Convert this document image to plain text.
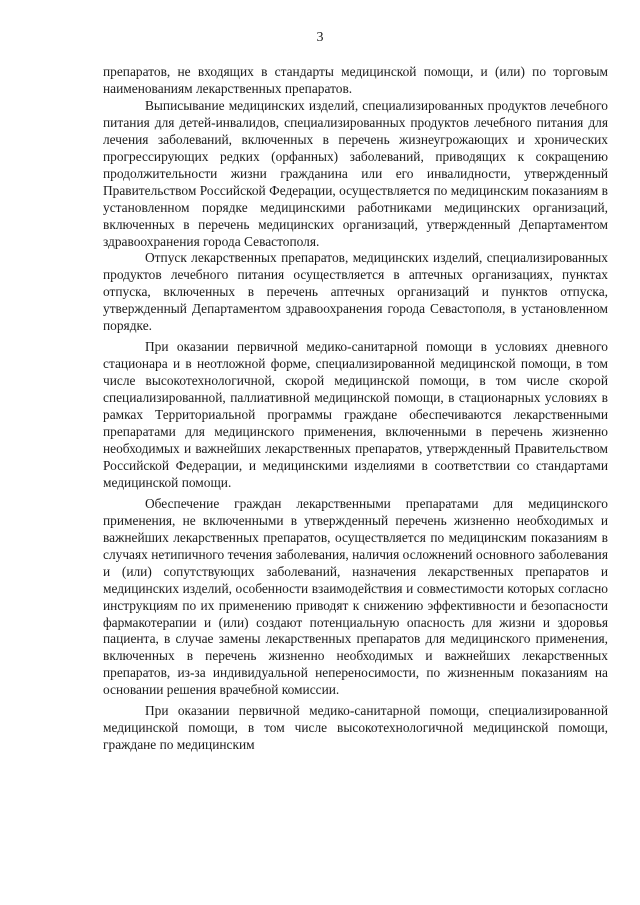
3

препаратов, не входящих в стандарты медицинской помощи, и (или) по торговым наименованиям лекарственных препаратов.

Выписывание медицинских изделий, специализированных продуктов лечебного питания для детей-инвалидов, специализированных продуктов лечебного питания для лечения заболеваний, включенных в перечень жизнеугрожающих и хронических прогрессирующих редких (орфанных) заболеваний, приводящих к сокращению продолжительности жизни гражданина или его инвалидности, утвержденный Правительством Российской Федерации, осуществляется по медицинским показаниям в установленном порядке медицинскими работниками медицинских организаций, включенных в перечень медицинских организаций, утвержденный Департаментом здравоохранения города Севастополя.

Отпуск лекарственных препаратов, медицинских изделий, специализированных продуктов лечебного питания осуществляется в аптечных организациях, пунктах отпуска, включенных в перечень аптечных организаций и пунктов отпуска, утвержденный Департаментом здравоохранения города Севастополя, в установленном порядке.

При оказании первичной медико-санитарной помощи в условиях дневного стационара и в неотложной форме, специализированной медицинской помощи, в том числе высокотехнологичной, скорой медицинской помощи, в том числе скорой специализированной, паллиативной медицинской помощи, в стационарных условиях в рамках Территориальной программы граждане обеспечиваются лекарственными препаратами для медицинского применения, включенными в перечень жизненно необходимых и важнейших лекарственных препаратов, утвержденный Правительством Российской Федерации, и медицинскими изделиями в соответствии со стандартами медицинской помощи.

Обеспечение граждан лекарственными препаратами для медицинского применения, не включенными в утвержденный перечень жизненно необходимых и важнейших лекарственных препаратов, осуществляется по медицинским показаниям в случаях нетипичного течения заболевания, наличия осложнений основного заболевания и (или) сопутствующих заболеваний, назначения лекарственных препаратов и медицинских изделий, особенности взаимодействия и совместимости которых согласно инструкциям по их применению приводят к снижению эффективности и безопасности фармакотерапии и (или) создают потенциальную опасность для жизни и здоровья пациента, в случае замены лекарственных препаратов для медицинского применения, включенных в перечень жизненно необходимых и важнейших лекарственных препаратов, из-за индивидуальной непереносимости, по жизненным показаниям на основании решения врачебной комиссии.

При оказании первичной медико-санитарной помощи, специализированной медицинской помощи, в том числе высокотехнологичной медицинской помощи, граждане по медицинским
